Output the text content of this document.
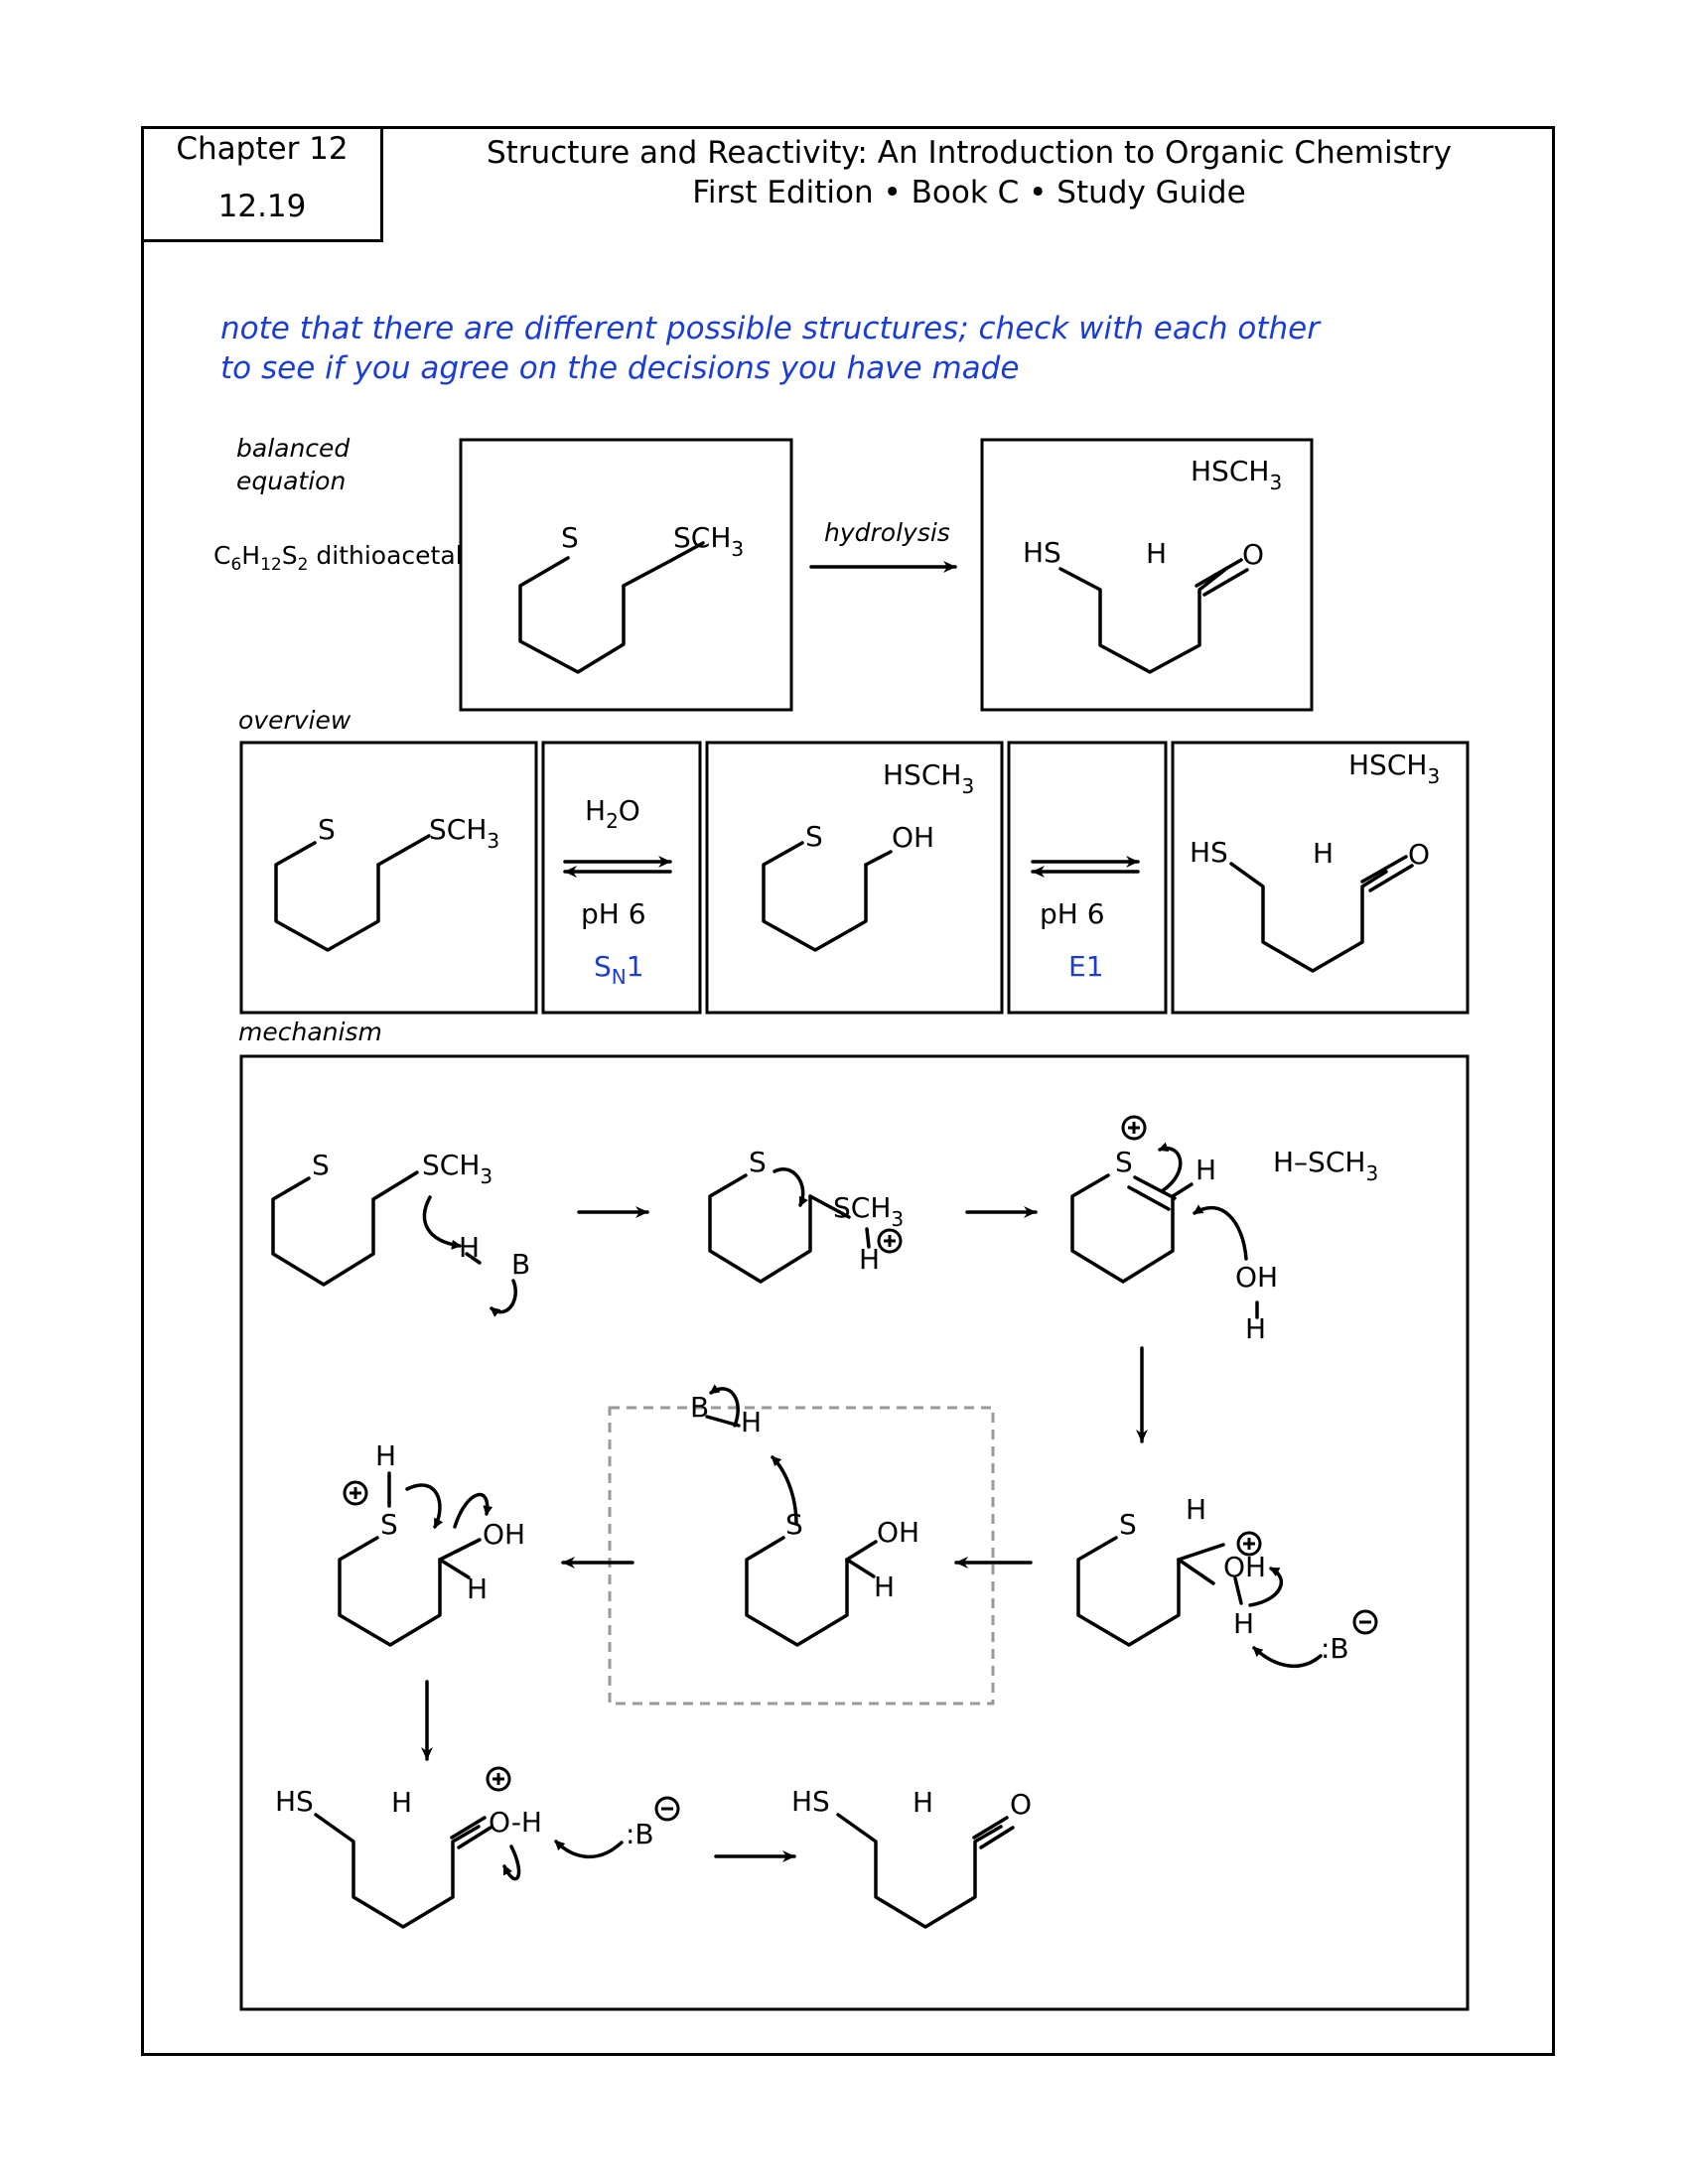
Chapter 12
12.19
Structure and Reactivity: An Introduction to Organic Chemistry
First Edition • Book C • Study Guide
note that there are different possible structures; check with each other
to see if you agree on the decisions you have made
balanced
equation
overview
mechanism
$C_6H_{12}S_2$ dithioacetal
S	$SCH_3$
hydrolysis
$HSCH_3$
HS	H	O
S	$SCH_3$
$H_2O$
pH 6
$S_N1$
$HSCH_3$
S OH
pH 6
E1
$HSCH_3$
HS	H	O
S	$SCH_3$
H
B
S
$SCH_3$
H
S H $H-SCH_3$
OH
H
S H
OH
H
:B
S	OH
H
B H
H
S	OH
H
HS	H
O-H	:B
HS	H	O
